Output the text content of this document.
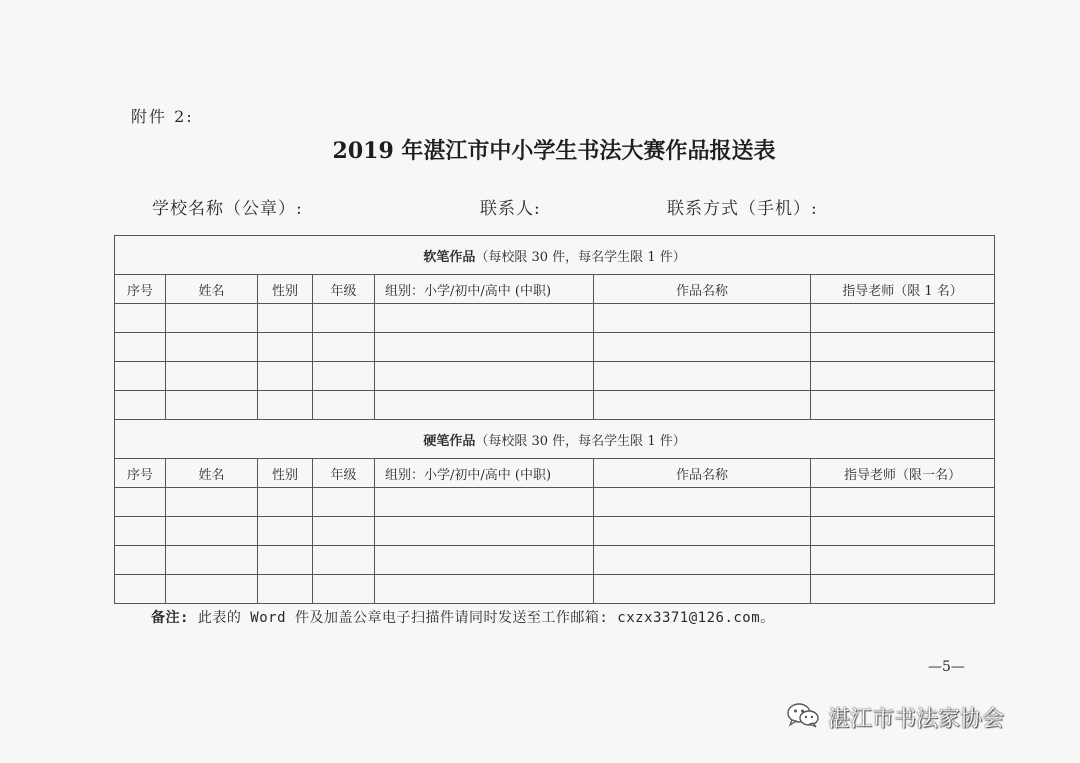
附件 2:
2019 年湛江市中小学生书法大赛作品报送表
学校名称（公章）:	联系人:	联系方式（手机）:
软笔作品（每校限 30 件，每名学生限 1 件）						
序号	姓名	性别	年级	组别：小学/初中/高中 (中职)	作品名称	指导老师（限 1 名）

硬笔作品（每校限 30 件，每名学生限 1 件）						
序号	姓名	性别	年级	组别：小学/初中/高中 (中职)	作品名称	指导老师（限一名）

备注: 此表的 Word 件及加盖公章电子扫描件请同时发送至工作邮箱: cxzx3371@126.com。
—5—
湛江市书法家协会
